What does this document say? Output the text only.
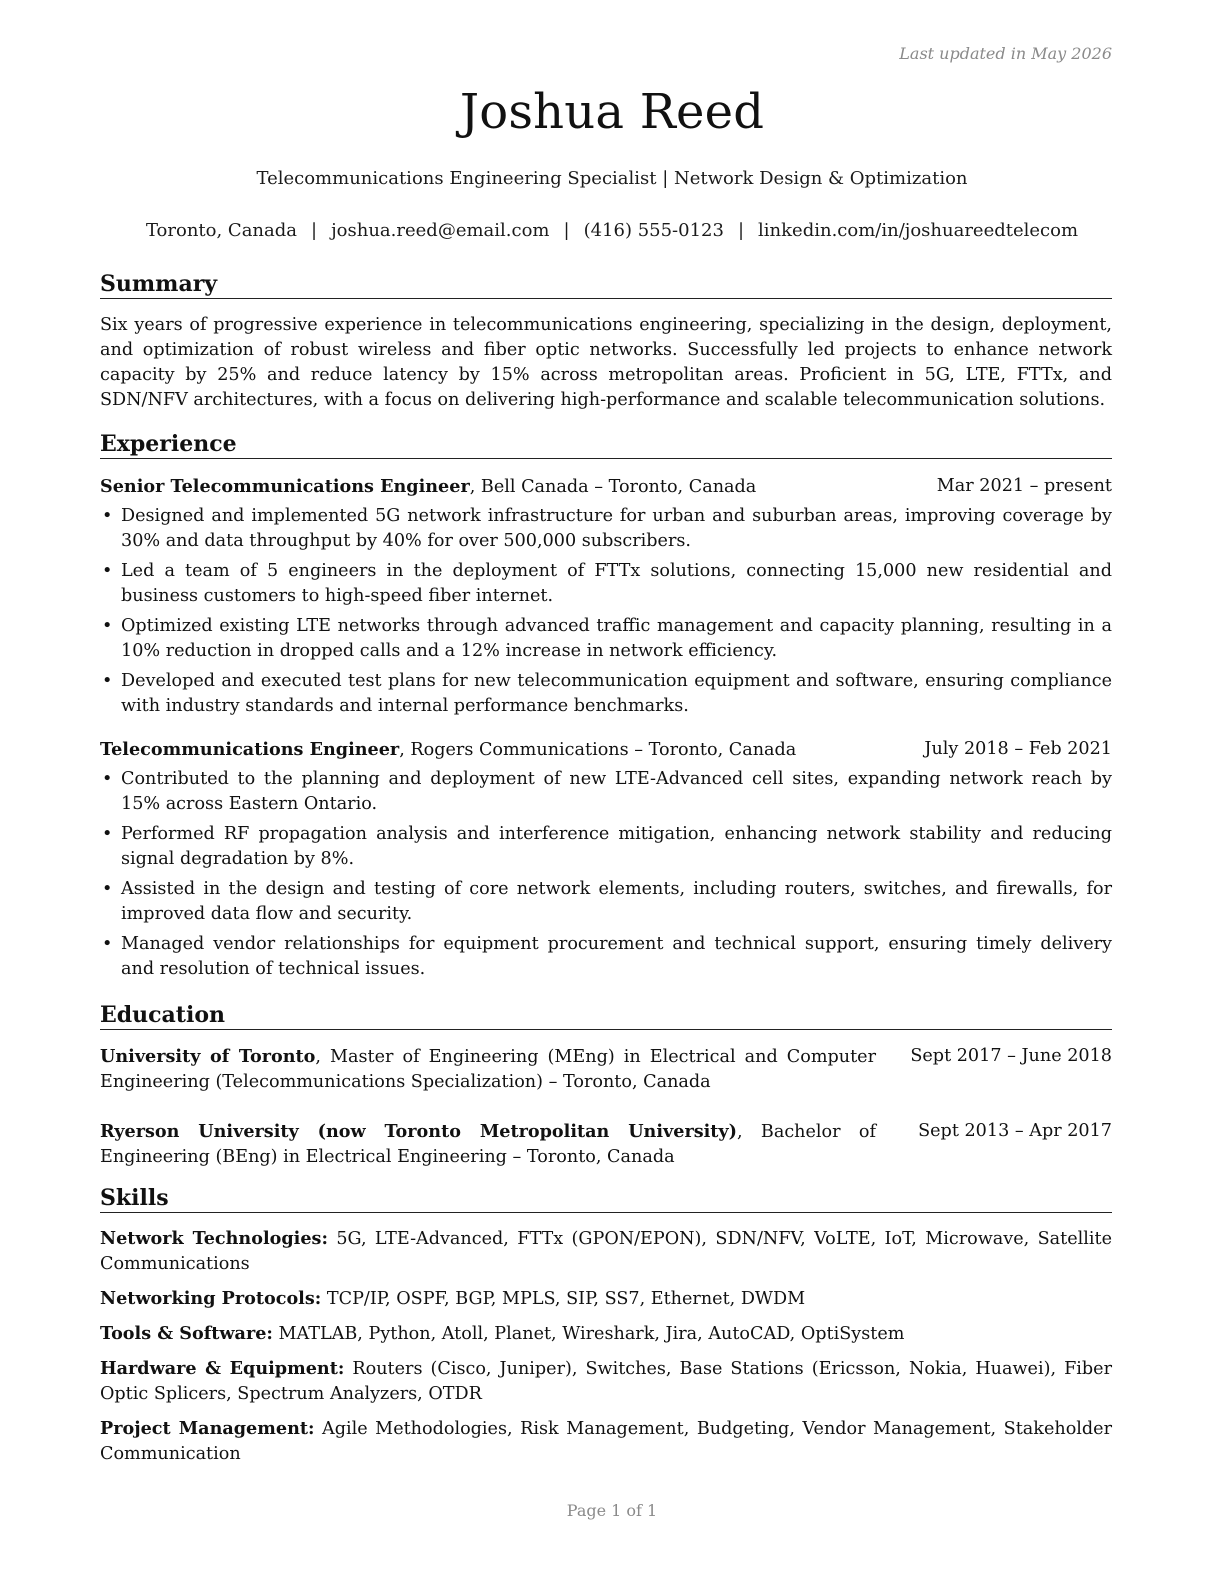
Last updated in May 2026
Joshua Reed
Telecommunications Engineering Specialist | Network Design & Optimization
Toronto, Canada | joshua.reed@email.com | (416) 555-0123 | linkedin.com/in/joshuareedtelecom
Summary

Six years of progressive experience in telecommunications engineering, specializing in the design, deployment, and optimization of robust wireless and fiber optic networks. Successfully led projects to enhance network capacity by 25% and reduce latency by 15% across metropolitan areas. Proficient in 5G, LTE, FTTx, and SDN/NFV architectures, with a focus on delivering high-performance and scalable telecommunication solutions.

Experience
Senior Telecommunications Engineer, Bell Canada – Toronto, Canada	Mar 2021 – present
• Designed and implemented 5G network infrastructure for urban and suburban areas, improving coverage by 30% and data throughput by 40% for over 500,000 subscribers.
• Led a team of 5 engineers in the deployment of FTTx solutions, connecting 15,000 new residential and business customers to high-speed fiber internet.
• Optimized existing LTE networks through advanced traffic management and capacity planning, resulting in a 10% reduction in dropped calls and a 12% increase in network efficiency.
• Developed and executed test plans for new telecommunication equipment and software, ensuring compliance with industry standards and internal performance benchmarks.
Telecommunications Engineer, Rogers Communications – Toronto, Canada	July 2018 – Feb 2021
• Contributed to the planning and deployment of new LTE-Advanced cell sites, expanding network reach by 15% across Eastern Ontario.
• Performed RF propagation analysis and interference mitigation, enhancing network stability and reducing signal degradation by 8%.
• Assisted in the design and testing of core network elements, including routers, switches, and firewalls, for improved data flow and security.
• Managed vendor relationships for equipment procurement and technical support, ensuring timely delivery and resolution of technical issues.
Education
University of Toronto, Master of Engineering (MEng) in Electrical and Computer Engineering (Telecommunications Specialization) – Toronto, Canada
Sept 2017 – June 2018
Ryerson University (now Toronto Metropolitan University), Bachelor of Engineering (BEng) in Electrical Engineering – Toronto, Canada
Sept 2013 – Apr 2017
Skills
Network Technologies: 5G, LTE-Advanced, FTTx (GPON/EPON), SDN/NFV, VoLTE, IoT, Microwave, Satellite Communications
Networking Protocols: TCP/IP, OSPF, BGP, MPLS, SIP, SS7, Ethernet, DWDM
Tools & Software: MATLAB, Python, Atoll, Planet, Wireshark, Jira, AutoCAD, OptiSystem
Hardware & Equipment: Routers (Cisco, Juniper), Switches, Base Stations (Ericsson, Nokia, Huawei), Fiber Optic Splicers, Spectrum Analyzers, OTDR
Project Management: Agile Methodologies, Risk Management, Budgeting, Vendor Management, Stakeholder Communication
Page 1 of 1
